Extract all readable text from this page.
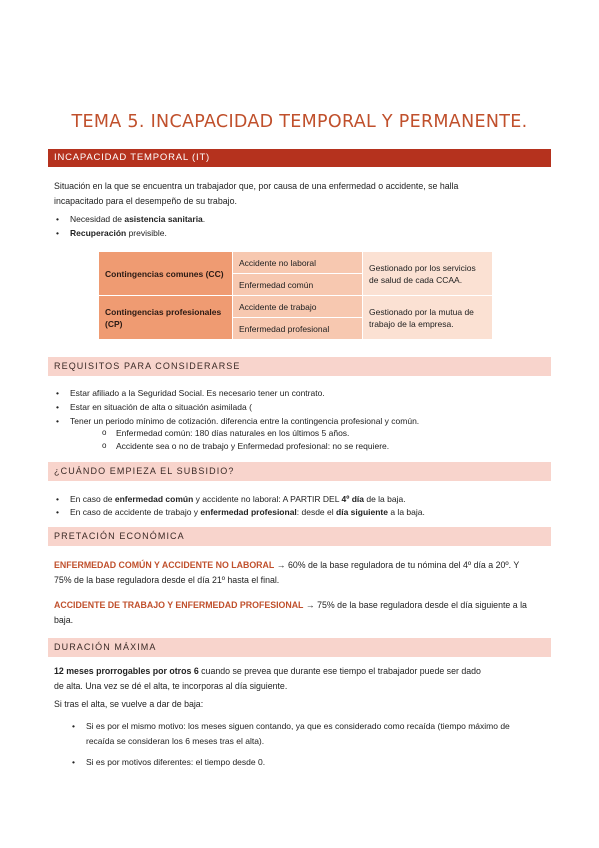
TEMA 5. INCAPACIDAD TEMPORAL Y PERMANENTE.
INCAPACIDAD TEMPORAL (IT)
Situación en la que se encuentra un trabajador que, por causa de una enfermedad o accidente, se halla
incapacitado para el desempeño de su trabajo.
• Necesidad de asistencia sanitaria.
• Recuperación previsible.
Contingencias comunes (CC)	Accidente no laboral	Gestionado por los servicios de salud de cada CCAA.
	Enfermedad común	
Contingencias profesionales (CP)	Accidente de trabajo	Gestionado por la mutua de trabajo de la empresa.
	Enfermedad profesional	
REQUISITOS PARA CONSIDERARSE
• Estar afiliado a la Seguridad Social. Es necesario tener un contrato.
• Estar en situación de alta o situación asimilada (
• Tener un periodo mínimo de cotización. diferencia entre la contingencia profesional y común.
o Enfermedad común: 180 días naturales en los últimos 5 años.
o Accidente sea o no de trabajo y Enfermedad profesional: no se requiere.
¿CUÁNDO EMPIEZA EL SUBSIDIO?
• En caso de enfermedad común y accidente no laboral: A PARTIR DEL 4º día de la baja.
• En caso de accidente de trabajo y enfermedad profesional: desde el día siguiente a la baja.
PRETACIÓN ECONÓMICA
ENFERMEDAD COMÚN Y ACCIDENTE NO LABORAL → 60% de la base reguladora de tu nómina del 4º día a 20º. Y
75% de la base reguladora desde el día 21º hasta el final.
ACCIDENTE DE TRABAJO Y ENFERMEDAD PROFESIONAL → 75% de la base reguladora desde el día siguiente a la
baja.
DURACIÓN MÁXIMA
12 meses prorrogables por otros 6 cuando se prevea que durante ese tiempo el trabajador puede ser dado
de alta. Una vez se dé el alta, te incorporas al día siguiente.
Si tras el alta, se vuelve a dar de baja:
• Si es por el mismo motivo: los meses siguen contando, ya que es considerado como recaída (tiempo máximo de recaída se consideran los 6 meses tras el alta).
• Si es por motivos diferentes: el tiempo desde 0.
